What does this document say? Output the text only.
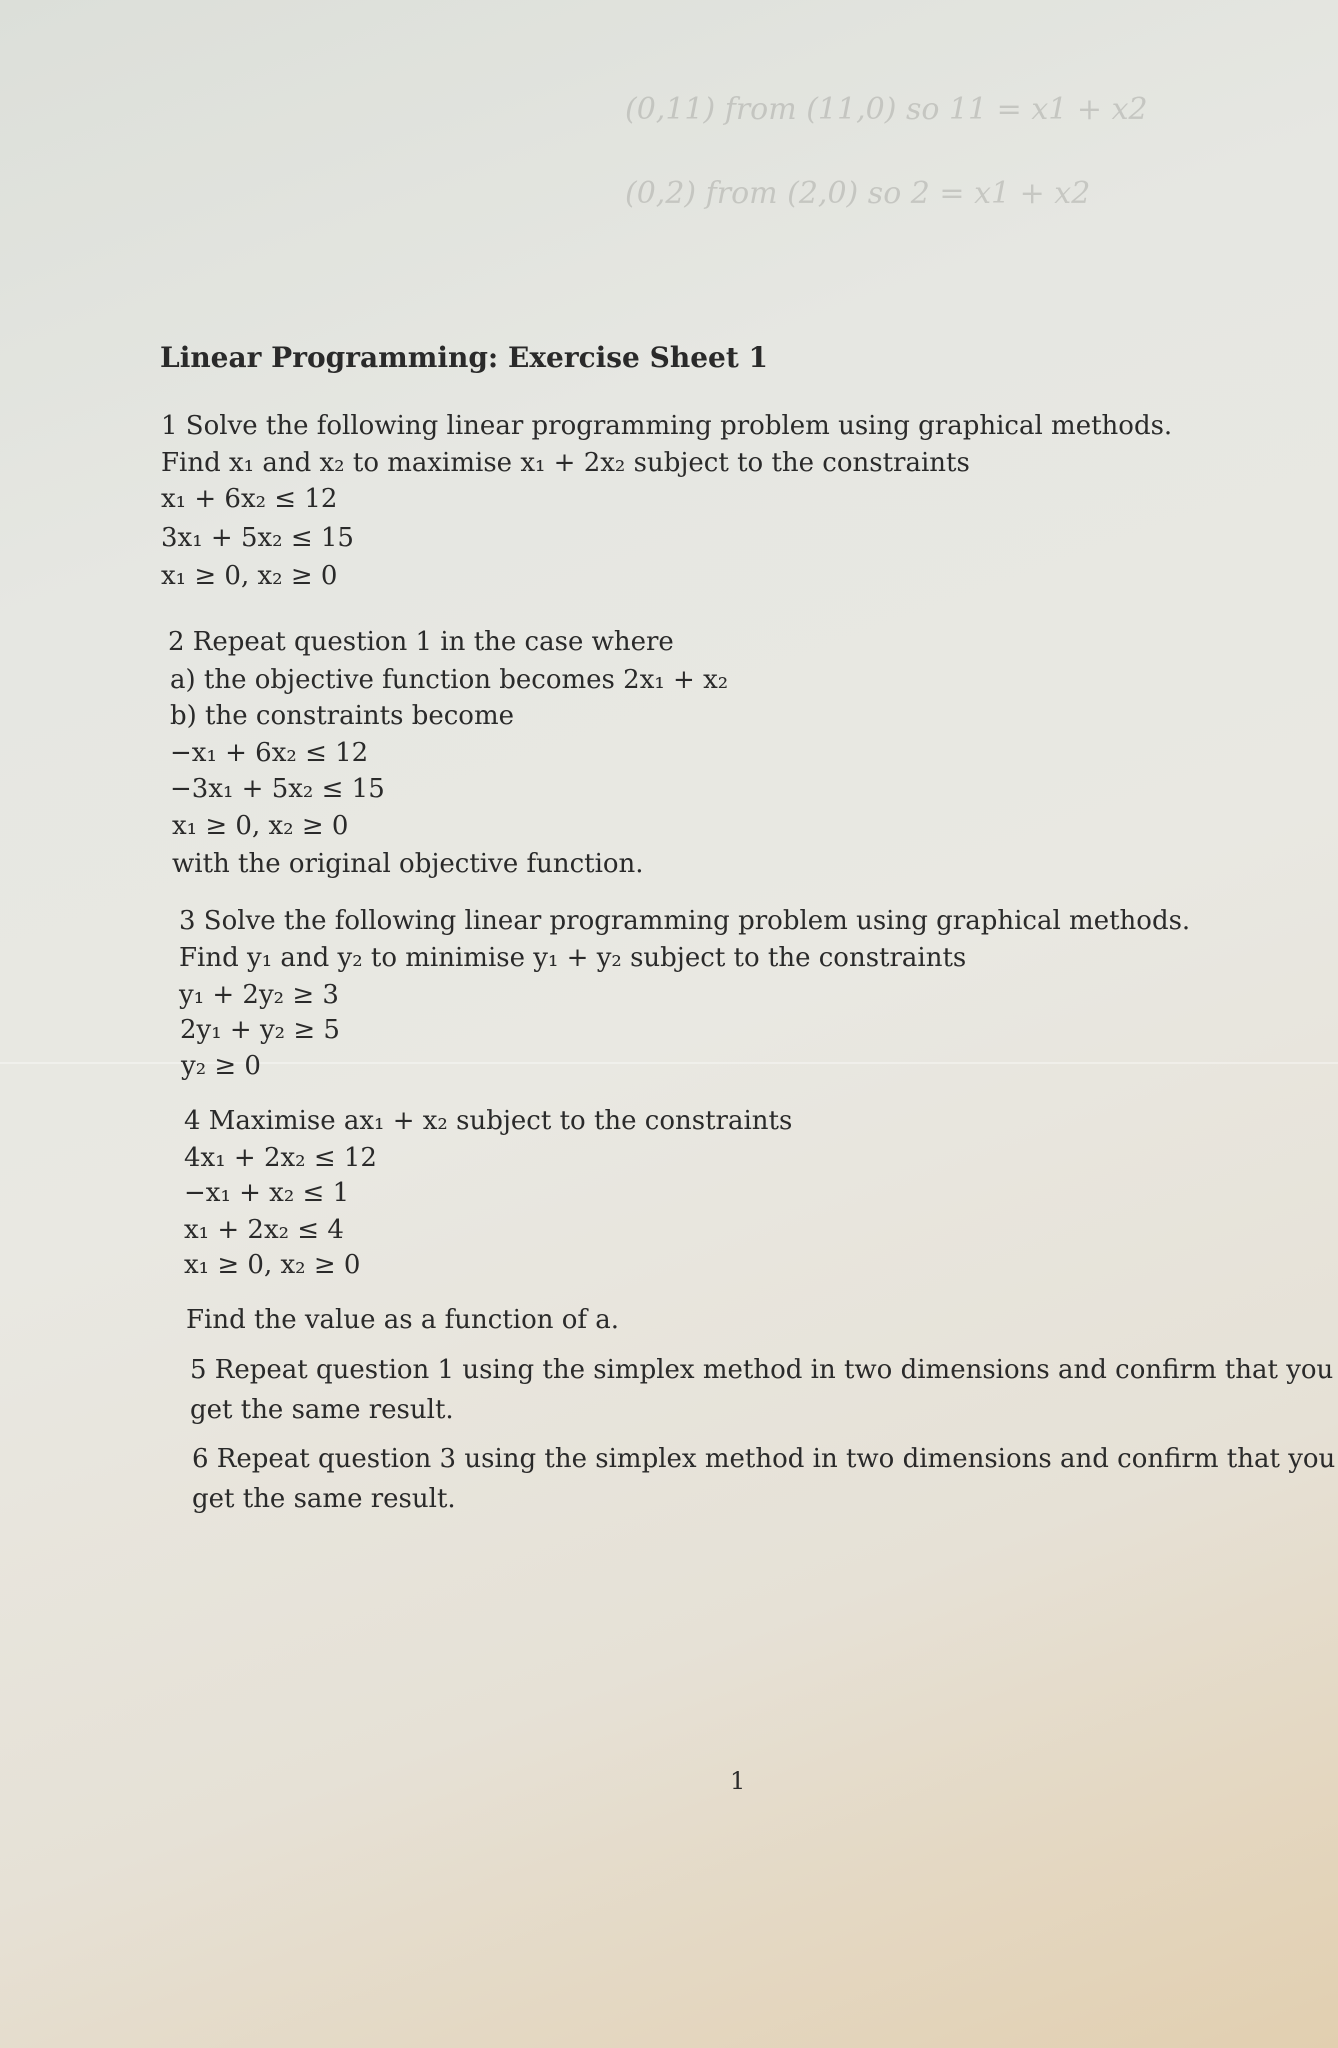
(0,11) from (11,0) so 11 = x1 + x2
(0,2) from (2,0) so 2 = x1 + x2
Linear Programming: Exercise Sheet 1
1 Solve the following linear programming problem using graphical methods.
Find x₁ and x₂ to maximise x₁ + 2x₂ subject to the constraints
x₁ + 6x₂ ≤ 12
3x₁ + 5x₂ ≤ 15
x₁ ≥ 0, x₂ ≥ 0
2 Repeat question 1 in the case where
a) the objective function becomes 2x₁ + x₂
b) the constraints become
−x₁ + 6x₂ ≤ 12
−3x₁ + 5x₂ ≤ 15
x₁ ≥ 0, x₂ ≥ 0
with the original objective function.
3 Solve the following linear programming problem using graphical methods.
Find y₁ and y₂ to minimise y₁ + y₂ subject to the constraints
y₁ + 2y₂ ≥ 3
2y₁ + y₂ ≥ 5
y₂ ≥ 0
4 Maximise ax₁ + x₂ subject to the constraints
4x₁ + 2x₂ ≤ 12
−x₁ + x₂ ≤ 1
x₁ + 2x₂ ≤ 4
x₁ ≥ 0, x₂ ≥ 0
Find the value as a function of a.
5 Repeat question 1 using the simplex method in two dimensions and confirm that you
get the same result.
6 Repeat question 3 using the simplex method in two dimensions and confirm that you
get the same result.
1
